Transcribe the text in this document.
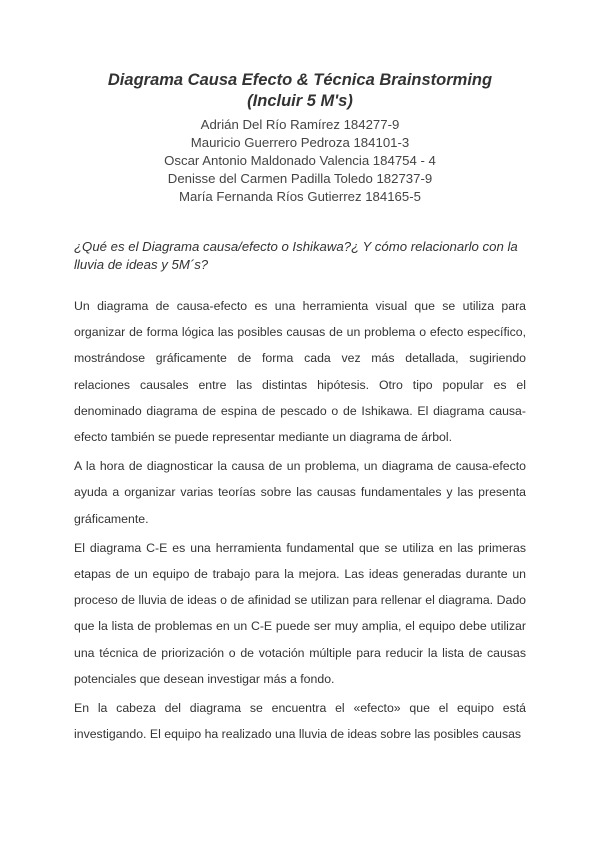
Diagrama Causa Efecto & Técnica Brainstorming
(Incluir 5 M's)
Adrián Del Río Ramírez 184277-9
Mauricio Guerrero Pedroza 184101-3
Oscar Antonio Maldonado Valencia 184754 - 4
Denisse del Carmen Padilla Toledo 182737-9
María Fernanda Ríos Gutierrez 184165-5

¿Qué es el Diagrama causa/efecto o Ishikawa?¿ Y cómo relacionarlo con la lluvia de ideas y 5M´s?

Un diagrama de causa-efecto es una herramienta visual que se utiliza para organizar de forma lógica las posibles causas de un problema o efecto específico, mostrándose gráficamente de forma cada vez más detallada, sugiriendo relaciones causales entre las distintas hipótesis. Otro tipo popular es el denominado diagrama de espina de pescado o de Ishikawa. El diagrama causa-efecto también se puede representar mediante un diagrama de árbol.

A la hora de diagnosticar la causa de un problema, un diagrama de causa-efecto ayuda a organizar varias teorías sobre las causas fundamentales y las presenta gráficamente.

El diagrama C-E es una herramienta fundamental que se utiliza en las primeras etapas de un equipo de trabajo para la mejora. Las ideas generadas durante un proceso de lluvia de ideas o de afinidad se utilizan para rellenar el diagrama. Dado que la lista de problemas en un C-E puede ser muy amplia, el equipo debe utilizar una técnica de priorización o de votación múltiple para reducir la lista de causas potenciales que desean investigar más a fondo.

En la cabeza del diagrama se encuentra el «efecto» que el equipo está investigando. El equipo ha realizado una lluvia de ideas sobre las posibles causas
